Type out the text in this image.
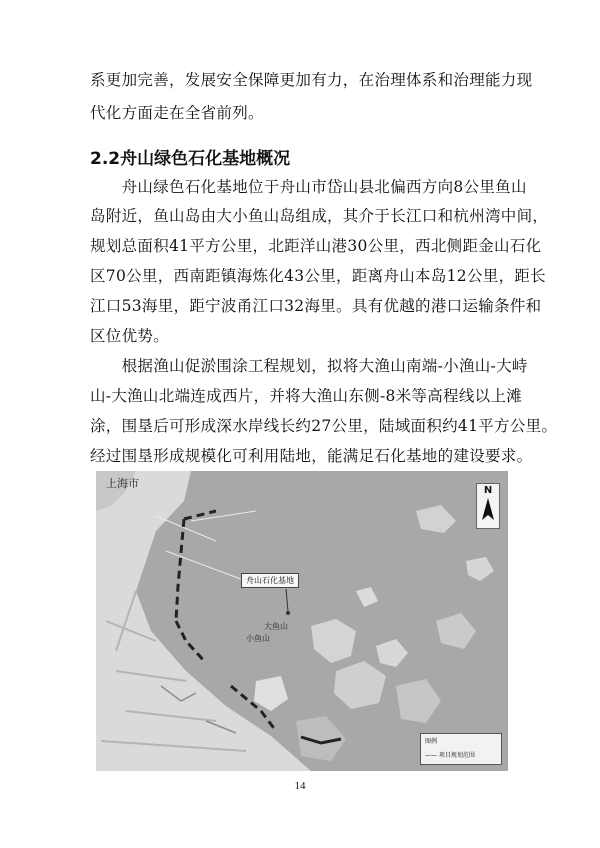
系更加完善，发展安全保障更加有力，在治理体系和治理能力现
代化方面走在全省前列。
2.2舟山绿色石化基地概况
　　舟山绿色石化基地位于舟山市岱山县北偏西方向8公里鱼山
岛附近，鱼山岛由大小鱼山岛组成，其介于长江口和杭州湾中间，
规划总面积41平方公里，北距洋山港30公里，西北侧距金山石化
区70公里，西南距镇海炼化43公里，距离舟山本岛12公里，距长
江口53海里，距宁波甬江口32海里。具有优越的港口运输条件和
区位优势。
　　根据渔山促淤围涂工程规划，拟将大渔山南端-小渔山-大峙
山-大渔山北端连成西片，并将大渔山东侧-8米等高程线以上滩
涂，围垦后可形成深水岸线长约27公里，陆域面积约41平方公里。
经过围垦形成规模化可利用陆地，能满足石化基地的建设要求。
上海市
舟山石化基地
大鱼山
小鱼山
N
图例
—— 项目规划范围
14
